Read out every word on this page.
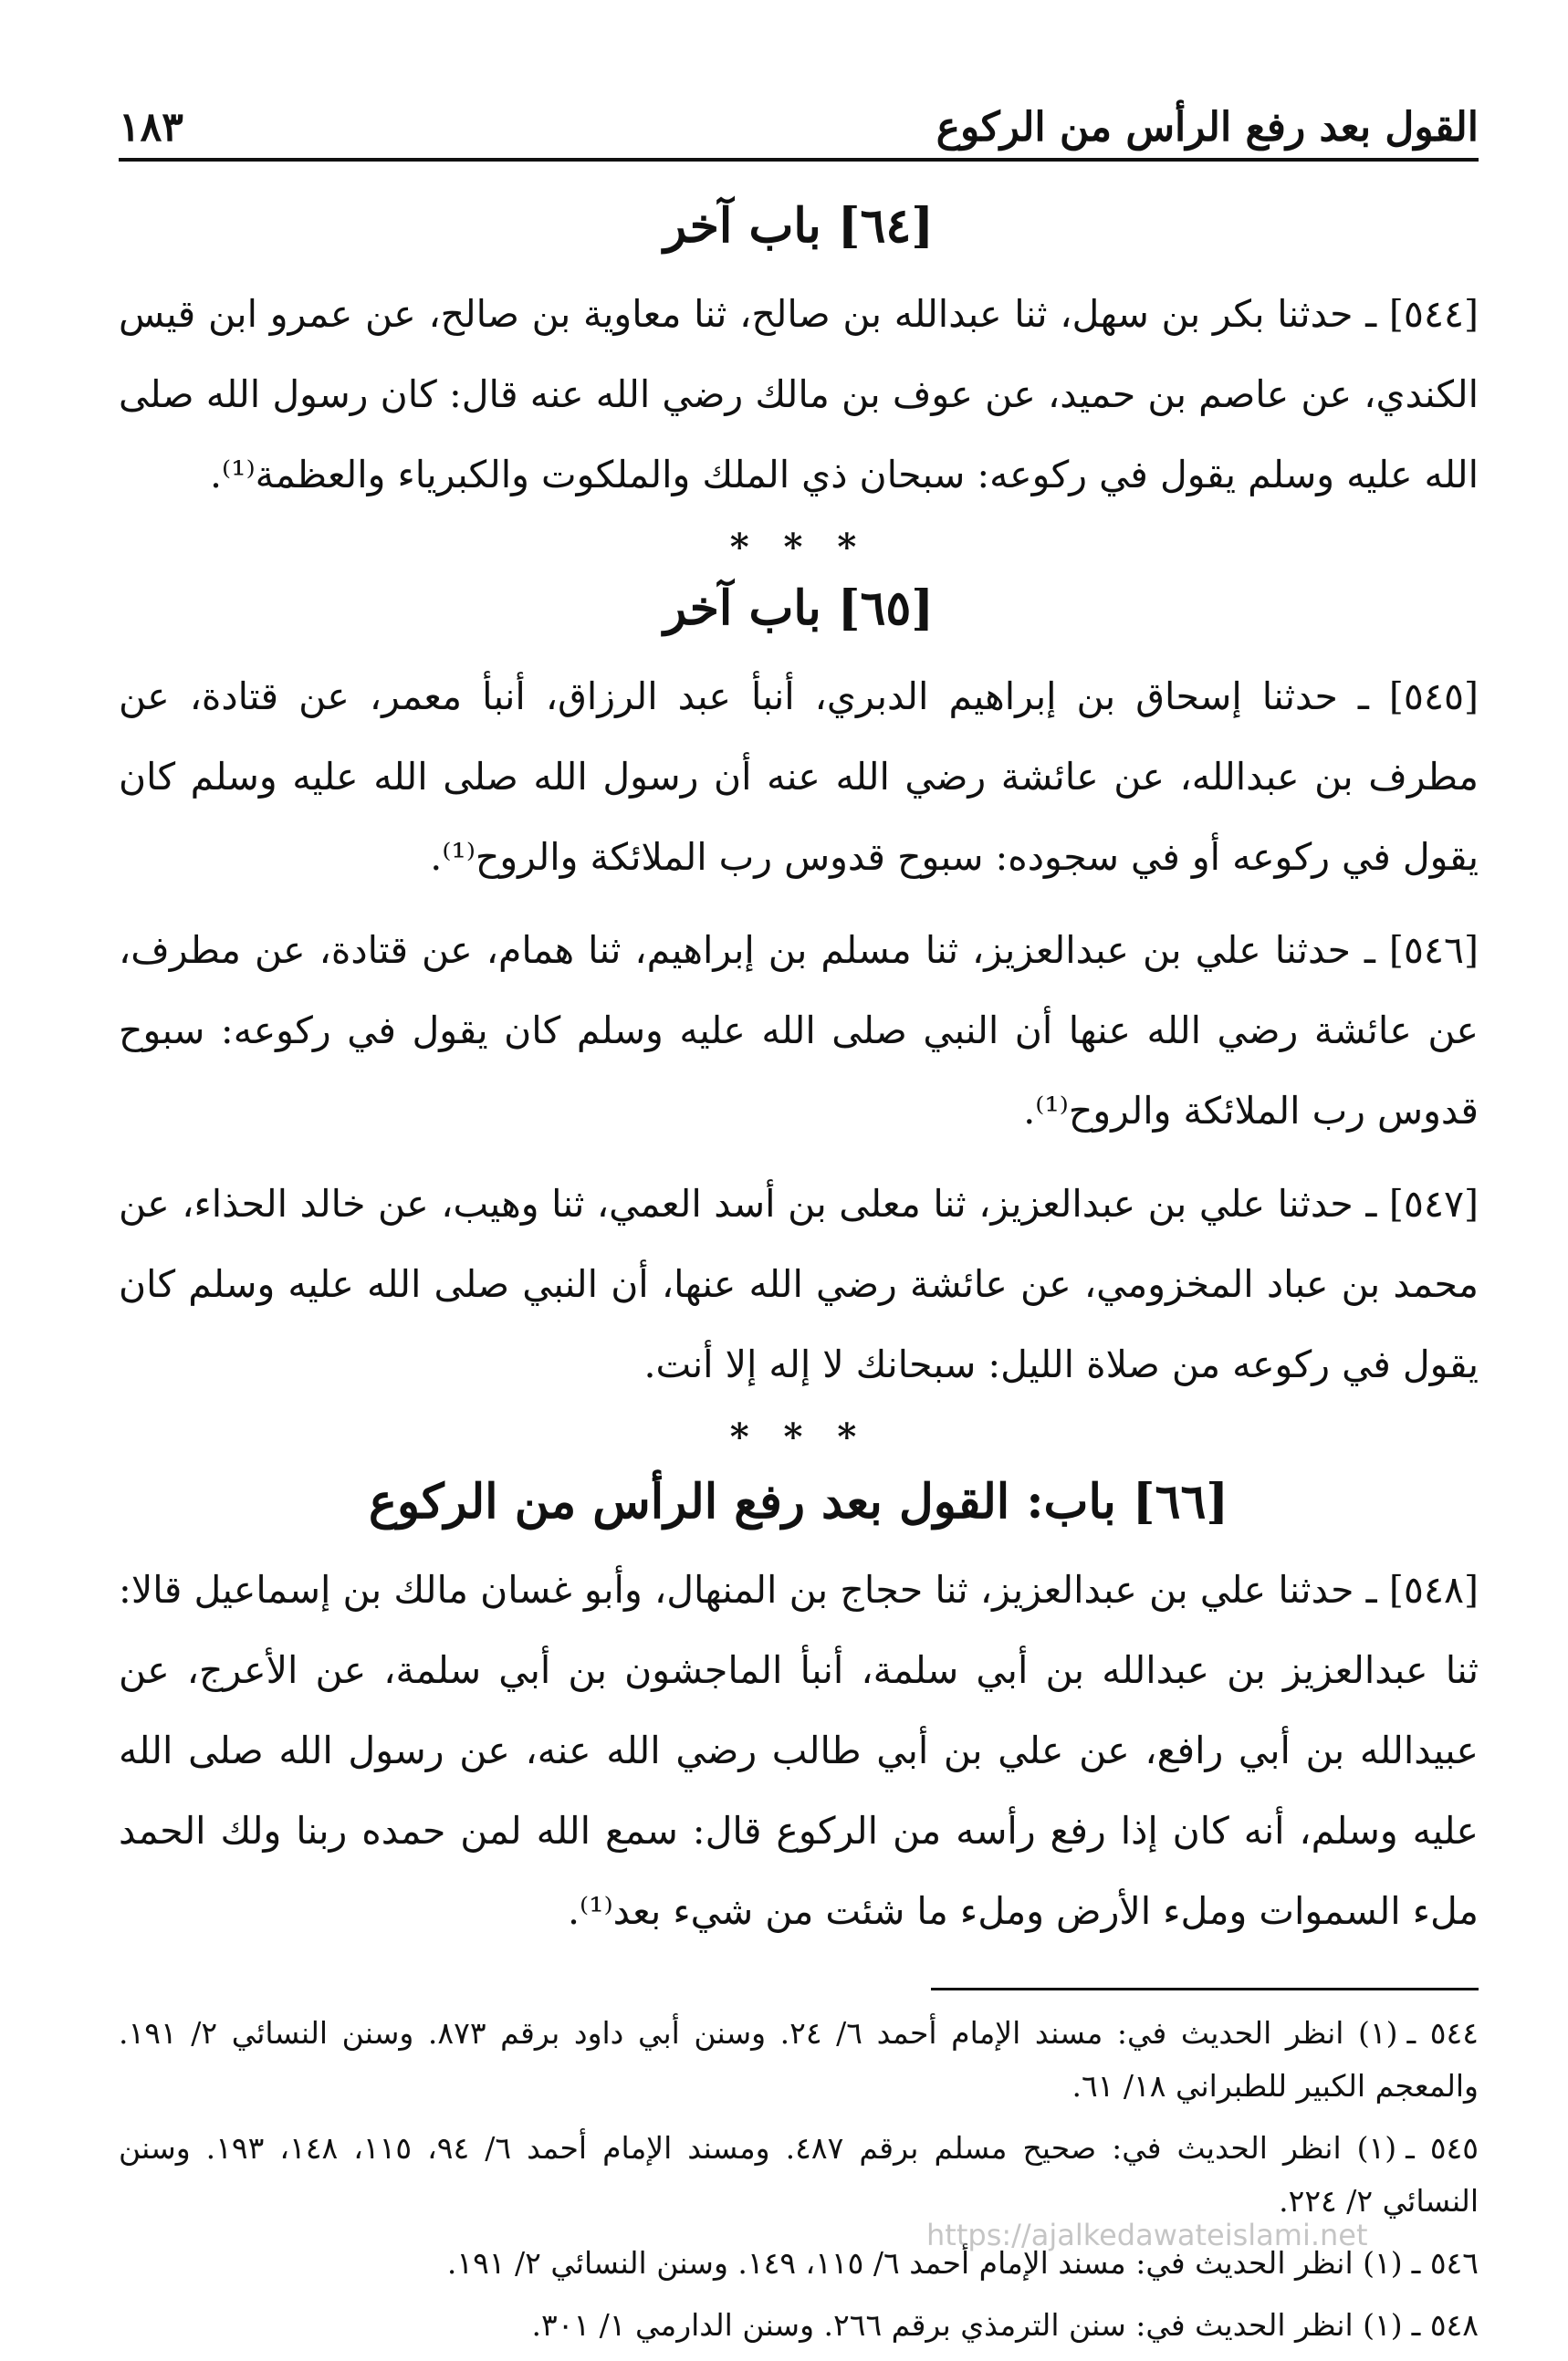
القول بعد رفع الرأس من الركوع
١٨٣
[٦٤] باب آخر

[٥٤٤] ـ حدثنا بكر بن سهل، ثنا عبدالله بن صالح، ثنا معاوية بن صالح، عن عمرو ابن قيس الكندي، عن عاصم بن حميد، عن عوف بن مالك رضي الله عنه قال: كان رسول الله صلى الله عليه وسلم يقول في ركوعه: سبحان ذي الملك والملكوت والكبرياء والعظمة⁽¹⁾.

* * *
[٦٥] باب آخر

[٥٤٥] ـ حدثنا إسحاق بن إبراهيم الدبري، أنبأ عبد الرزاق، أنبأ معمر، عن قتادة، عن مطرف بن عبدالله، عن عائشة رضي الله عنه أن رسول الله صلى الله عليه وسلم كان يقول في ركوعه أو في سجوده: سبوح قدوس رب الملائكة والروح⁽¹⁾.

[٥٤٦] ـ حدثنا علي بن عبدالعزيز، ثنا مسلم بن إبراهيم، ثنا همام، عن قتادة، عن مطرف، عن عائشة رضي الله عنها أن النبي صلى الله عليه وسلم كان يقول في ركوعه: سبوح قدوس رب الملائكة والروح⁽¹⁾.

[٥٤٧] ـ حدثنا علي بن عبدالعزيز، ثنا معلى بن أسد العمي، ثنا وهيب، عن خالد الحذاء، عن محمد بن عباد المخزومي، عن عائشة رضي الله عنها، أن النبي صلى الله عليه وسلم كان يقول في ركوعه من صلاة الليل: سبحانك لا إله إلا أنت.

* * *
[٦٦] باب: القول بعد رفع الرأس من الركوع

[٥٤٨] ـ حدثنا علي بن عبدالعزيز، ثنا حجاج بن المنهال، وأبو غسان مالك بن إسماعيل قالا: ثنا عبدالعزيز بن عبدالله بن أبي سلمة، أنبأ الماجشون بن أبي سلمة، عن الأعرج، عن عبيدالله بن أبي رافع، عن علي بن أبي طالب رضي الله عنه، عن رسول الله صلى الله عليه وسلم، أنه كان إذا رفع رأسه من الركوع قال: سمع الله لمن حمده ربنا ولك الحمد ملء السموات وملء الأرض وملء ما شئت من شيء بعد⁽¹⁾.

٥٤٤ ـ(١) انظر الحديث في: مسند الإمام أحمد ٦/ ٢٤. وسنن أبي داود برقم ٨٧٣. وسنن النسائي ٢/ ١٩١. والمعجم الكبير للطبراني ١٨/ ٦١.

٥٤٥ ـ(١) انظر الحديث في: صحيح مسلم برقم ٤٨٧. ومسند الإمام أحمد ٦/ ٩٤، ١١٥، ١٤٨، ١٩٣. وسنن النسائي ٢/ ٢٢٤.

٥٤٦ ـ(١) انظر الحديث في: مسند الإمام أحمد ٦/ ١١٥، ١٤٩. وسنن النسائي ٢/ ١٩١.

٥٤٨ ـ(١) انظر الحديث في: سنن الترمذي برقم ٢٦٦. وسنن الدارمي ١/ ٣٠١.

https://ajalkedawateislami.net
